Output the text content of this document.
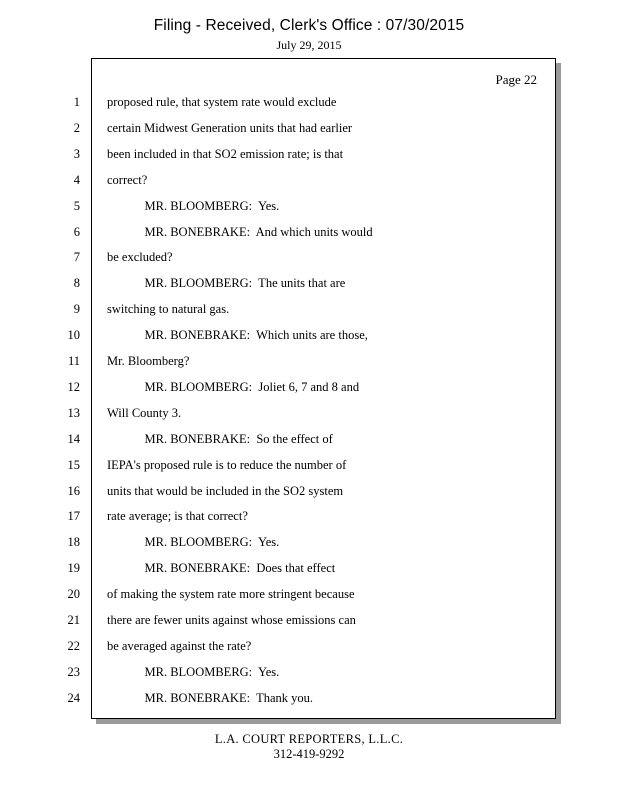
Filing - Received, Clerk's Office : 07/30/2015
July 29, 2015
Page 22
1 proposed rule, that system rate would exclude
2 certain Midwest Generation units that had earlier
3 been included in that SO2 emission rate; is that
4 correct?
5 MR. BLOOMBERG:  Yes.
6 MR. BONEBRAKE:  And which units would
7 be excluded?
8 MR. BLOOMBERG:  The units that are
9 switching to natural gas.
10 MR. BONEBRAKE:  Which units are those,
11 Mr. Bloomberg?
12 MR. BLOOMBERG:  Joliet 6, 7 and 8 and
13 Will County 3.
14 MR. BONEBRAKE:  So the effect of
15 IEPA's proposed rule is to reduce the number of
16 units that would be included in the SO2 system
17 rate average; is that correct?
18 MR. BLOOMBERG:  Yes.
19 MR. BONEBRAKE:  Does that effect
20 of making the system rate more stringent because
21 there are fewer units against whose emissions can
22 be averaged against the rate?
23 MR. BLOOMBERG:  Yes.
24 MR. BONEBRAKE:  Thank you.
L.A. COURT REPORTERS, L.L.C.
312-419-9292
